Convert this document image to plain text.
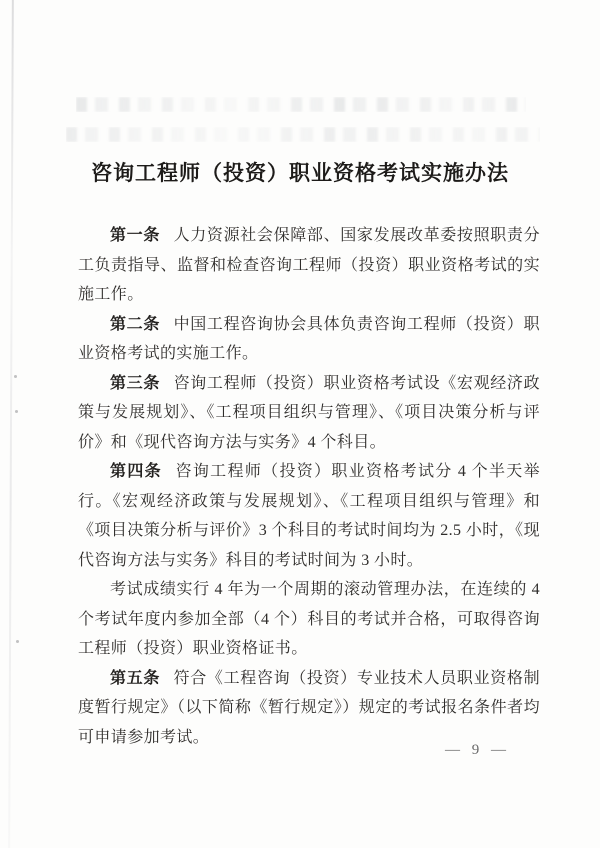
咨询工程师（投资）职业资格考试实施办法

第一条 人力资源社会保障部、国家发展改革委按照职责分工负责指导、监督和检查咨询工程师（投资）职业资格考试的实施工作。

第二条 中国工程咨询协会具体负责咨询工程师（投资）职业资格考试的实施工作。

第三条 咨询工程师（投资）职业资格考试设《宏观经济政策与发展规划》、《工程项目组织与管理》、《项目决策分析与评价》和《现代咨询方法与实务》4 个科目。

第四条 咨询工程师（投资）职业资格考试分 4 个半天举行。《宏观经济政策与发展规划》、《工程项目组织与管理》和《项目决策分析与评价》3 个科目的考试时间均为 2.5 小时，《现代咨询方法与实务》科目的考试时间为 3 小时。

考试成绩实行 4 年为一个周期的滚动管理办法，在连续的 4 个考试年度内参加全部（4 个）科目的考试并合格，可取得咨询工程师（投资）职业资格证书。

第五条 符合《工程咨询（投资）专业技术人员职业资格制度暂行规定》（以下简称《暂行规定》）规定的考试报名条件者均可申请参加考试。

— 9 —
